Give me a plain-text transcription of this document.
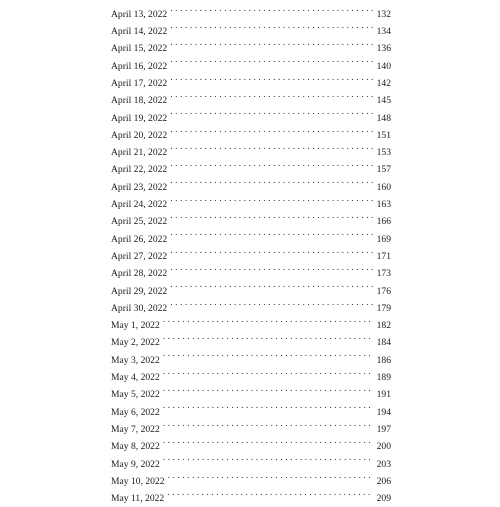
April 13, 2022 . . .	132
April 14, 2022 . . .	134
April 15, 2022 . . .	136
April 16, 2022 . . .	140
April 17, 2022 . . .	142
April 18, 2022 . . .	145
April 19, 2022 . . .	148
April 20, 2022 . . .	151
April 21, 2022 . . .	153
April 22, 2022 . . .	157
April 23, 2022 . . .	160
April 24, 2022 . . .	163
April 25, 2022 . . .	166
April 26, 2022 . . .	169
April 27, 2022 . . .	171
April 28, 2022 . . .	173
April 29, 2022 . . .	176
April 30, 2022 . . .	179
May 1, 2022 . . .	182
May 2, 2022 . . .	184
May 3, 2022 . . .	186
May 4, 2022 . . .	189
May 5, 2022 . . .	191
May 6, 2022 . . .	194
May 7, 2022 . . .	197
May 8, 2022 . . .	200
May 9, 2022 . . .	203
May 10, 2022 . . .	206
May 11, 2022 . . .	209
